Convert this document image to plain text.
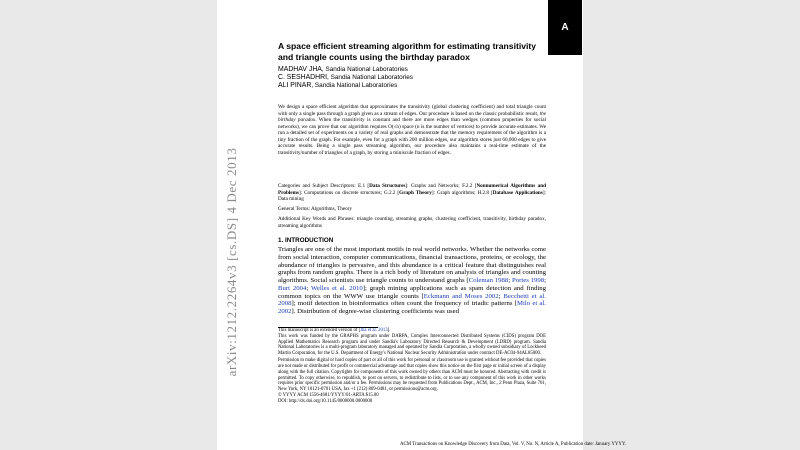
A
arXiv:1212.2264v3 [cs.DS] 4 Dec 2013
A space efficient streaming algorithm for estimating transitivity and triangle counts using the birthday paradox
MADHAV JHA, Sandia National Laboratories
C. SESHADHRI, Sandia National Laboratories
ALI PINAR, Sandia National Laboratories

We design a space efficient algorithm that approximates the transitivity (global clustering coefficient) and total triangle count with only a single pass through a graph given as a stream of edges. Our procedure is based on the classic probabilistic result, the birthday paradox. When the transitivity is constant and there are more edges than wedges (common properties for social networks), we can prove that our algorithm requires O(√n) space (n is the number of vertices) to provide accurate estimates. We run a detailed set of experiments on a variety of real graphs and demonstrate that the memory requirement of the algorithm is a tiny fraction of the graph. For example, even for a graph with 200 million edges, our algorithm stores just 60,000 edges to give accurate results. Being a single pass streaming algorithm, our procedure also maintains a real-time estimate of the transitivity/number of triangles of a graph, by storing a miniscule fraction of edges.

Categories and Subject Descriptors: E.1 [Data Structures]: Graphs and Networks; F.2.2 [Nonnumerical Algorithms and Problems]: Computations on discrete structures; G.2.2 [Graph Theory]: Graph algorithms; H.2.8 [Database Applications]: Data mining

General Terms: Algorithms, Theory

Additional Key Words and Phrases: triangle counting, streaming graphs, clustering coefficient, transitivity, birthday paradox, streaming algorithms

1. INTRODUCTION

Triangles are one of the most important motifs in real world networks. Whether the networks come from social interaction, computer communications, financial transactions, proteins, or ecology, the abundance of triangles is pervasive, and this abundance is a critical feature that distinguishes real graphs from random graphs. There is a rich body of literature on analysis of triangles and counting algorithms. Social scientists use triangle counts to understand graphs [Coleman 1988; Portes 1998; Burt 2004; Welles et al. 2010]; graph mining applications such as spam detection and finding common topics on the WWW use triangle counts [Eckmann and Moses 2002; Becchetti et al. 2008]; motif detection in bioinformatics often count the frequency of triadic patterns [Milo et al. 2002]. Distribution of degree-wise clustering coefficients was used

This manuscript is an extended version of [Jha et al. 2013].

This work was funded by the GRAPHS program under DARPA, Complex Interconnected Distributed Systems (CIDS) program DOE Applied Mathematics Research program and under Sandia's Laboratory Directed Research & Development (LDRD) program. Sandia National Laboratories is a multi-program laboratory managed and operated by Sandia Corporation, a wholly owned subsidiary of Lockheed Martin Corporation, for the U.S. Department of Energy's National Nuclear Security Administration under contract DE-AC04-94AL85000.

Permission to make digital or hard copies of part or all of this work for personal or classroom use is granted without fee provided that copies are not made or distributed for profit or commercial advantage and that copies show this notice on the first page or initial screen of a display along with the full citation. Copyrights for components of this work owned by others than ACM must be honored. Abstracting with credit is permitted. To copy otherwise, to republish, to post on servers, to redistribute to lists, or to use any component of this work in other works requires prior specific permission and/or a fee. Permissions may be requested from Publications Dept., ACM, Inc., 2 Penn Plaza, Suite 701, New York, NY 10121-0701 USA, fax +1 (212) 869-0481, or permissions@acm.org.

© YYYY ACM 1556-4681/YYYY/01-ARTA $15.00

DOI: http://dx.doi.org/10.1145/0000000.0000000

ACM Transactions on Knowledge Discovery from Data, Vol. V, No. N, Article A, Publication date: January YYYY.
